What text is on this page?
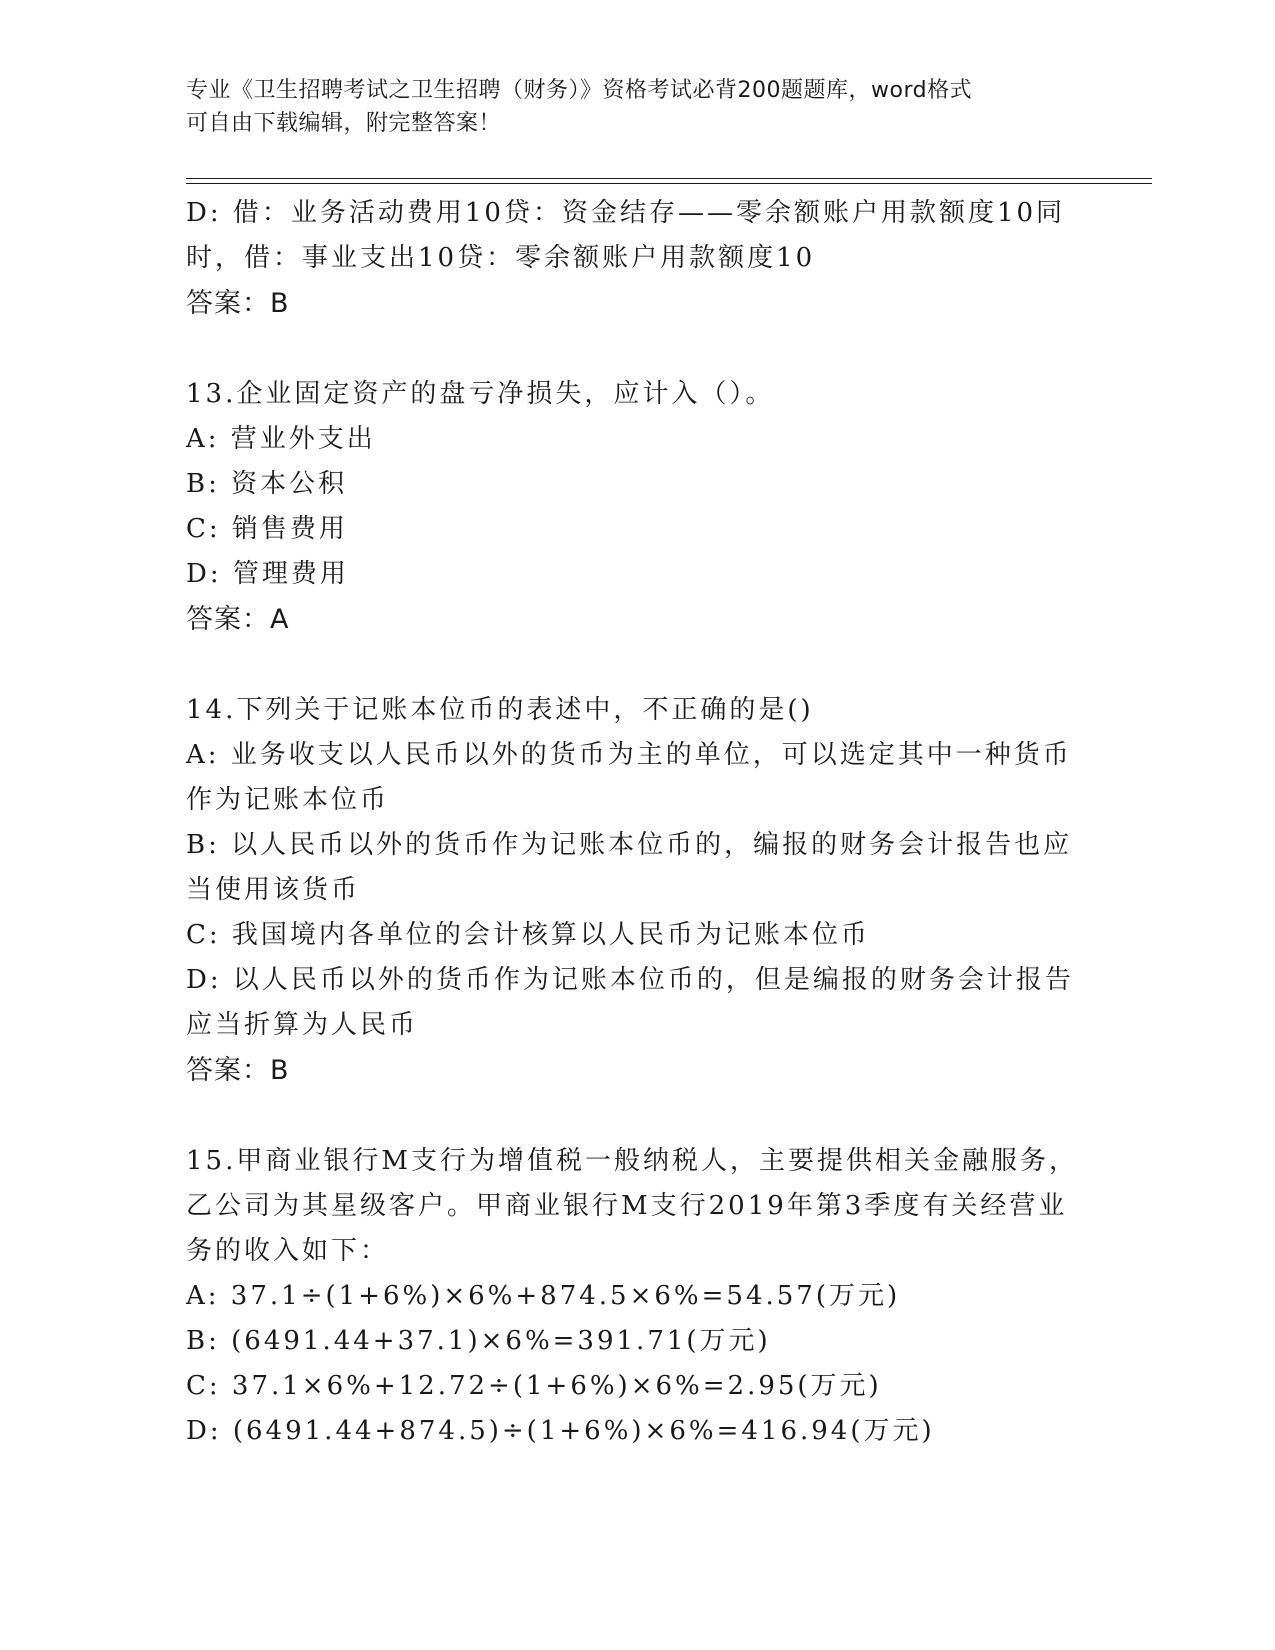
专业《卫生招聘考试之卫生招聘（财务）》资格考试必背200题题库，word格式
可自由下载编辑，附完整答案！
D: 借：业务活动费用10贷：资金结存——零余额账户用款额度10同
时，借：事业支出10贷：零余额账户用款额度10
答案：B
13.企业固定资产的盘亏净损失，应计入（）。
A: 营业外支出
B: 资本公积
C: 销售费用
D: 管理费用
答案：A
14.下列关于记账本位币的表述中，不正确的是()
A: 业务收支以人民币以外的货币为主的单位，可以选定其中一种货币
作为记账本位币
B: 以人民币以外的货币作为记账本位币的，编报的财务会计报告也应
当使用该货币
C: 我国境内各单位的会计核算以人民币为记账本位币
D: 以人民币以外的货币作为记账本位币的，但是编报的财务会计报告
应当折算为人民币
答案：B
15.甲商业银行M支行为增值税一般纳税人，主要提供相关金融服务，
乙公司为其星级客户。甲商业银行M支行2019年第3季度有关经营业
务的收入如下：
A: 37.1÷(1+6%)×6%+874.5×6%=54.57(万元)
B: (6491.44+37.1)×6%=391.71(万元)
C: 37.1×6%+12.72÷(1+6%)×6%=2.95(万元)
D: (6491.44+874.5)÷(1+6%)×6%=416.94(万元)
